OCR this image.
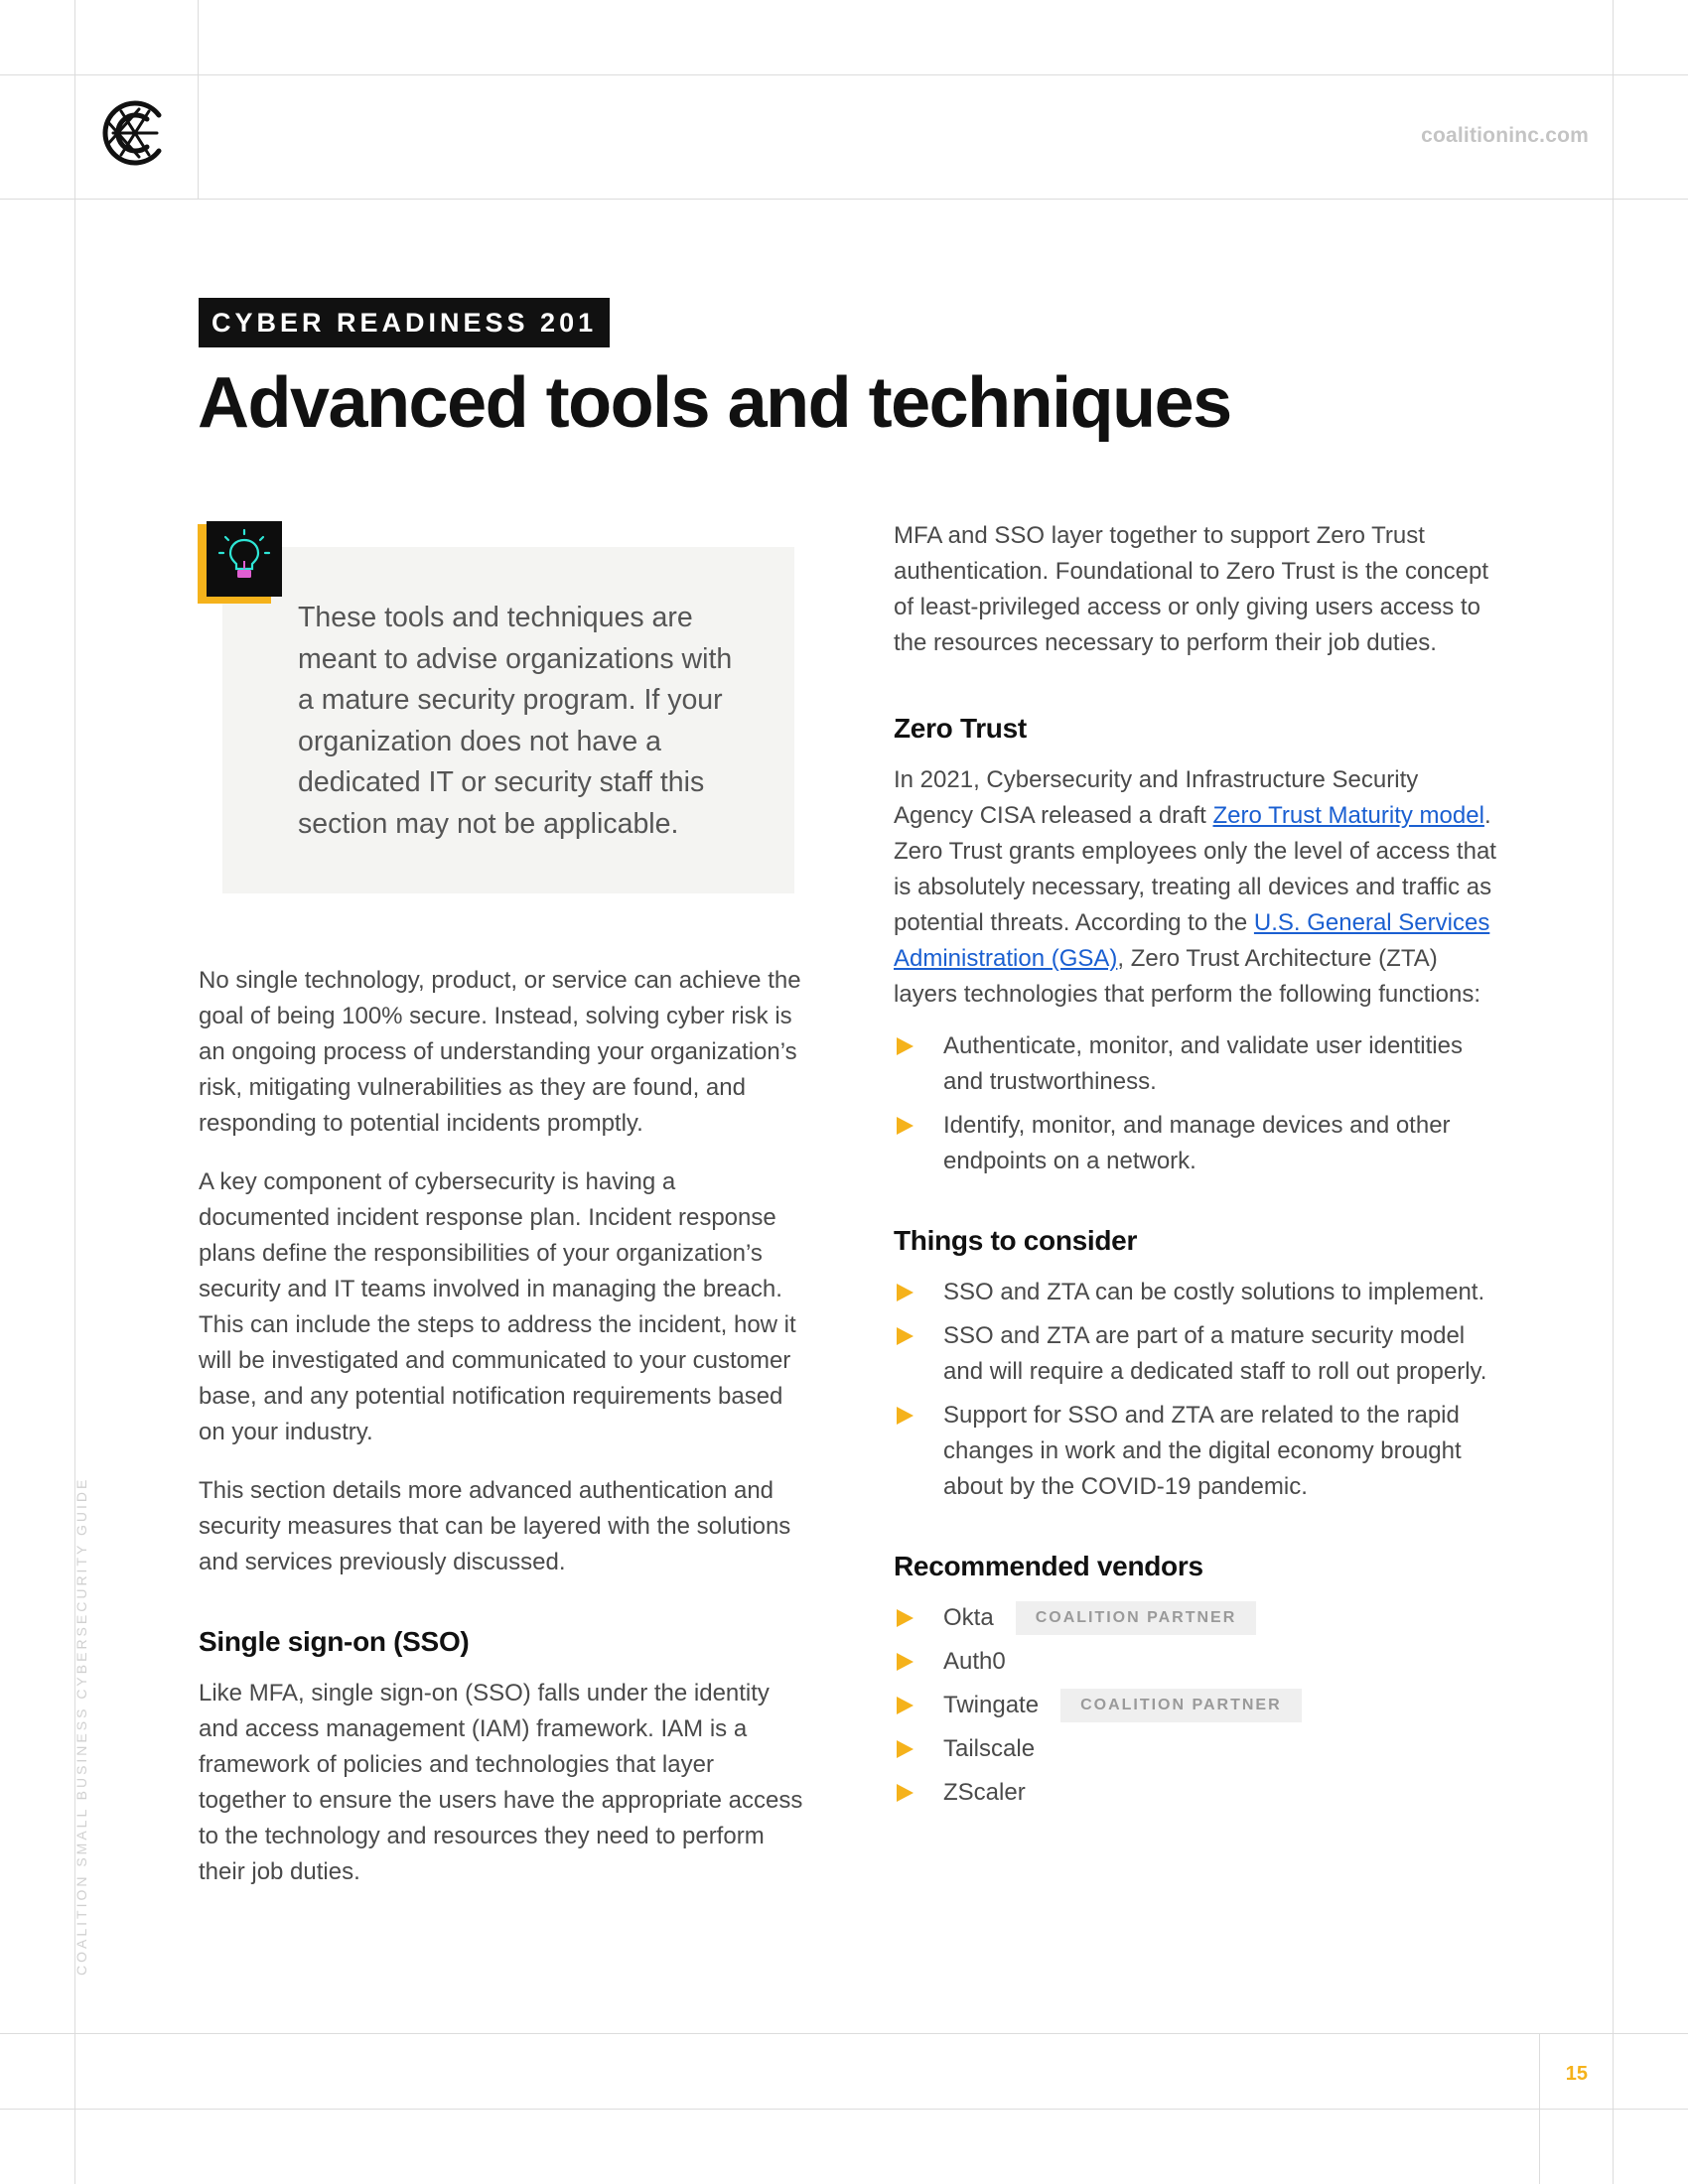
coalitioninc.com
CYBER READINESS 201
Advanced tools and techniques
These tools and techniques are meant to advise organizations with a mature security program. If your organization does not have a dedicated IT or security staff this section may not be applicable.

No single technology, product, or service can achieve the goal of being 100% secure. Instead, solving cyber risk is an ongoing process of understanding your organization’s risk, mitigating vulnerabilities as they are found, and responding to potential incidents promptly.

A key component of cybersecurity is having a documented incident response plan. Incident response plans define the responsibilities of your organization’s security and IT teams involved in managing the breach. This can include the steps to address the incident, how it will be investigated and communicated to your customer base, and any potential notification requirements based on your industry.

This section details more advanced authentication and security measures that can be layered with the solutions and services previously discussed.

Single sign-on (SSO)

Like MFA, single sign-on (SSO) falls under the identity and access management (IAM) framework. IAM is a framework of policies and technologies that layer together to ensure the users have the appropriate access to the technology and resources they need to perform their job duties.

MFA and SSO layer together to support Zero Trust authentication. Foundational to Zero Trust is the concept of least-privileged access or only giving users access to the resources necessary to perform their job duties.

Zero Trust

In 2021, Cybersecurity and Infrastructure Security Agency CISA released a draft Zero Trust Maturity model. Zero Trust grants employees only the level of access that is absolutely necessary, treating all devices and traffic as potential threats. According to the U.S. General Services Administration (GSA), Zero Trust Architecture (ZTA) layers technologies that perform the following functions:

Authenticate, monitor, and validate user identities and trustworthiness.
Identify, monitor, and manage devices and other endpoints on a network.
Things to consider
SSO and ZTA can be costly solutions to implement.
SSO and ZTA are part of a mature security model and will require a dedicated staff to roll out properly.
Support for SSO and ZTA are related to the rapid changes in work and the digital economy brought about by the COVID-19 pandemic.
Recommended vendors
Okta	COALITION PARTNER
Auth0
Twingate	COALITION PARTNER
Tailscale
ZScaler
COALITION SMALL BUSINESS CYBERSECURITY GUIDE
15
